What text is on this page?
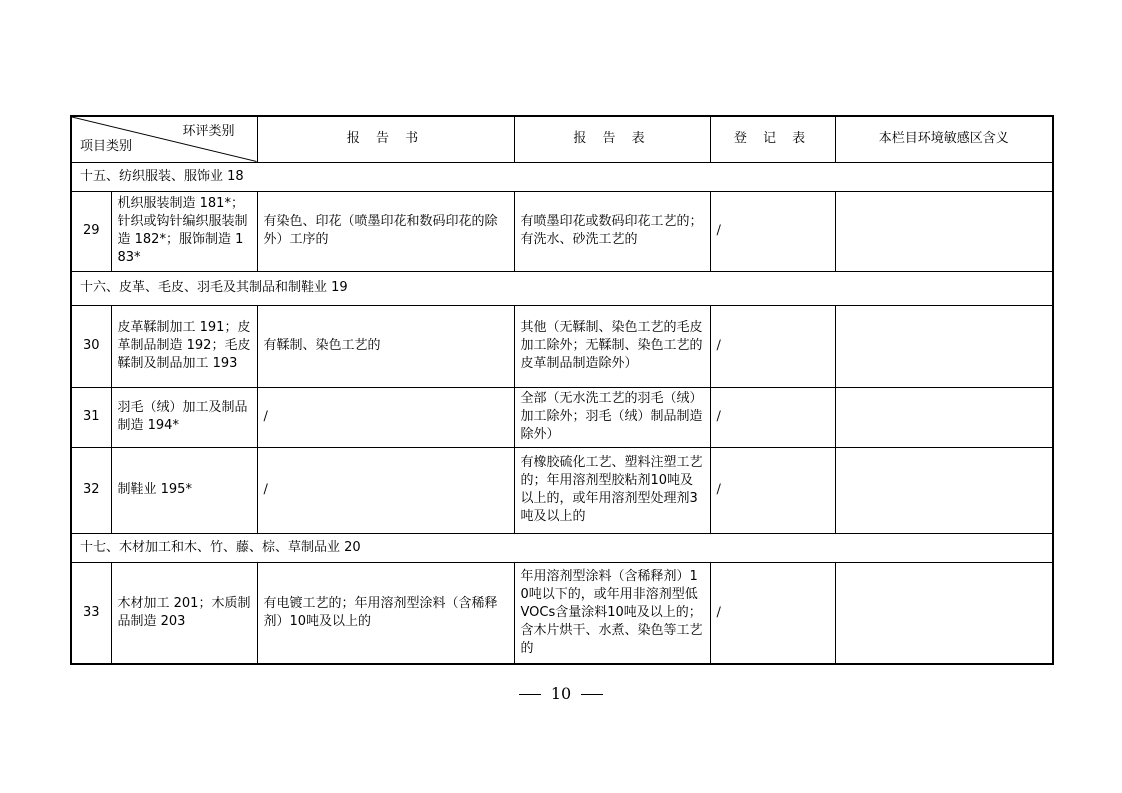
环评类别
项目类别		报 告 书	报 告 表	登 记 表	本栏目环境敏感区含义
十五、纺织服装、服饰业 18					
29	机织服装制造 181*；针织或钩针编织服装制造 182*；服饰制造 183*	有染色、印花（喷墨印花和数码印花的除外）工序的	有喷墨印花或数码印花工艺的；有洗水、砂洗工艺的	/	
十六、皮革、毛皮、羽毛及其制品和制鞋业 19					
30	皮革鞣制加工 191；皮革制品制造 192；毛皮鞣制及制品加工 193	有鞣制、染色工艺的	其他（无鞣制、染色工艺的毛皮加工除外；无鞣制、染色工艺的皮革制品制造除外）	/	
31	羽毛（绒）加工及制品制造 194*	/	全部（无水洗工艺的羽毛（绒）加工除外；羽毛（绒）制品制造除外）	/	
32	制鞋业 195*	/	有橡胶硫化工艺、塑料注塑工艺的；年用溶剂型胶粘剂10吨及以上的，或年用溶剂型处理剂3吨及以上的	/	
十七、木材加工和木、竹、藤、棕、草制品业 20					
33	木材加工 201；木质制品制造 203	有电镀工艺的；年用溶剂型涂料（含稀释剂）10吨及以上的	年用溶剂型涂料（含稀释剂）10吨以下的，或年用非溶剂型低VOCs含量涂料10吨及以上的；含木片烘干、水煮、染色等工艺的	/	
10
